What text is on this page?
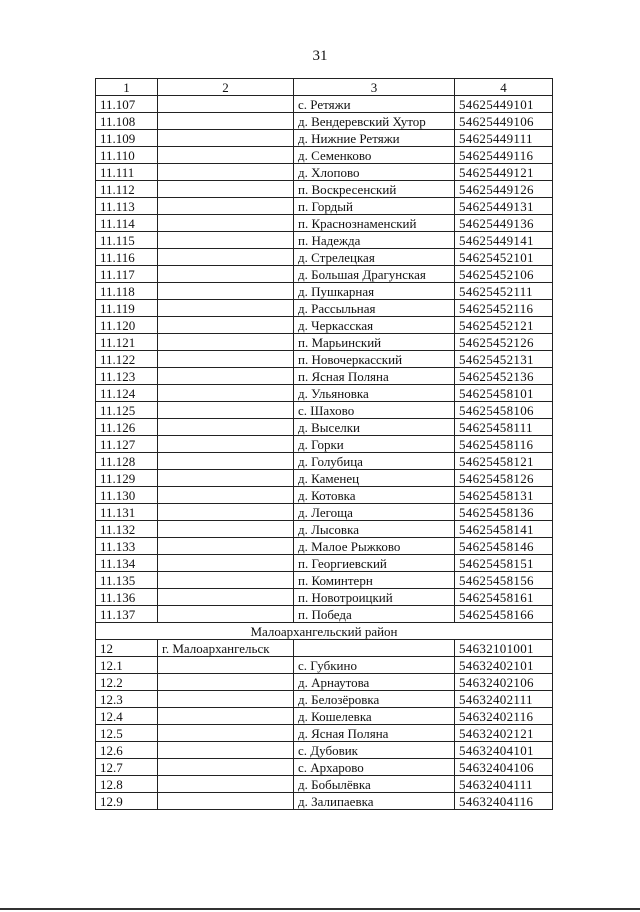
31
1	2	3	4
11.107		с. Ретяжи	54625449101
11.108		д. Вендеревский Хутор	54625449106
11.109		д. Нижние Ретяжи	54625449111
11.110		д. Семенково	54625449116
11.111		д. Хлопово	54625449121
11.112		п. Воскресенский	54625449126
11.113		п. Гордый	54625449131
11.114		п. Краснознаменский	54625449136
11.115		п. Надежда	54625449141
11.116		д. Стрелецкая	54625452101
11.117		д. Большая Драгунская	54625452106
11.118		д. Пушкарная	54625452111
11.119		д. Рассыльная	54625452116
11.120		д. Черкасская	54625452121
11.121		п. Марьинский	54625452126
11.122		п. Новочеркасский	54625452131
11.123		п. Ясная Поляна	54625452136
11.124		д. Ульяновка	54625458101
11.125		с. Шахово	54625458106
11.126		д. Выселки	54625458111
11.127		д. Горки	54625458116
11.128		д. Голубица	54625458121
11.129		д. Каменец	54625458126
11.130		д. Котовка	54625458131
11.131		д. Легоща	54625458136
11.132		д. Лысовка	54625458141
11.133		д. Малое Рыжково	54625458146
11.134		п. Георгиевский	54625458151
11.135		п. Коминтерн	54625458156
11.136		п. Новотроицкий	54625458161
11.137		п. Победа	54625458166
Малоархангельский район			
12	г. Малоархангельск		54632101001
12.1		с. Губкино	54632402101
12.2		д. Арнаутова	54632402106
12.3		д. Белозёровка	54632402111
12.4		д. Кошелевка	54632402116
12.5		д. Ясная Поляна	54632402121
12.6		с. Дубовик	54632404101
12.7		с. Архарово	54632404106
12.8		д. Бобылёвка	54632404111
12.9		д. Залипаевка	54632404116
